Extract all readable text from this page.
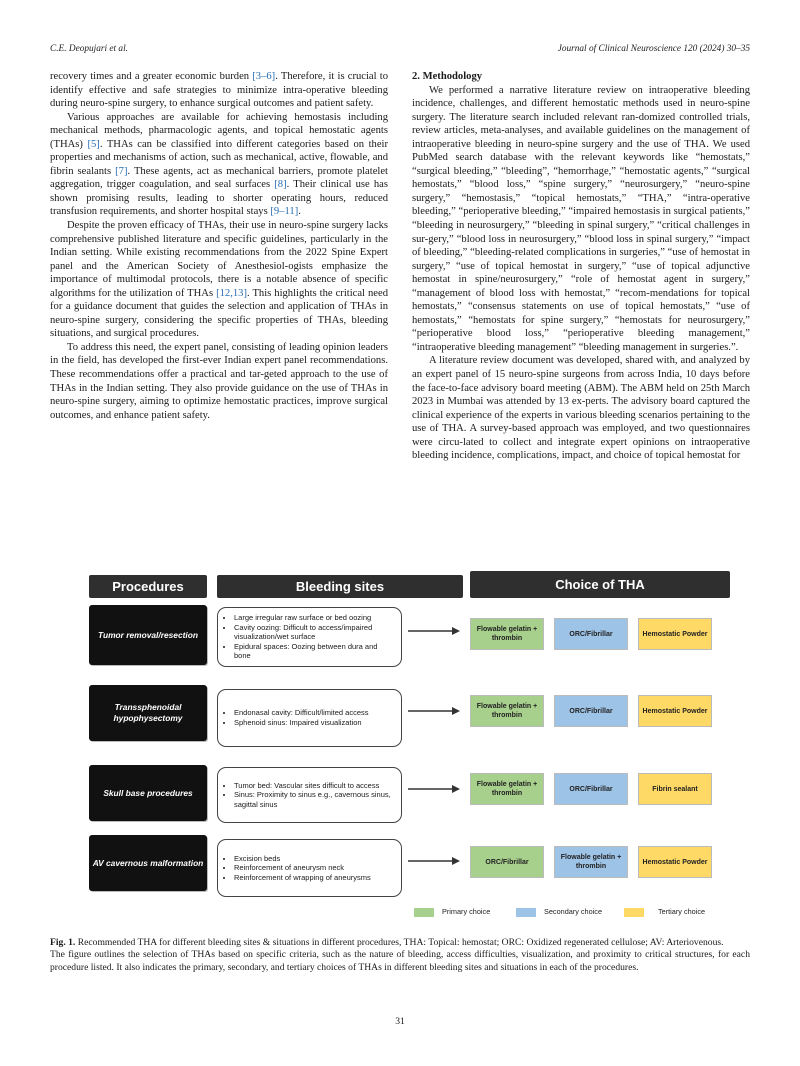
C.E. Deopujari et al.	Journal of Clinical Neuroscience 120 (2024) 30–35

recovery times and a greater economic burden [3–6]. Therefore, it is crucial to identify effective and safe strategies to minimize intra-operative bleeding during neuro-spine surgery, to enhance surgical outcomes and patient safety.

Various approaches are available for achieving hemostasis including mechanical methods, pharmacologic agents, and topical hemostatic agents (THAs) [5]. THAs can be classified into different categories based on their properties and mechanisms of action, such as mechanical, active, flowable, and fibrin sealants [7]. These agents, act as mechanical barriers, promote platelet aggregation, trigger coagulation, and seal surfaces [8]. Their clinical use has shown promising results, leading to shorter operating hours, reduced transfusion requirements, and shorter hospital stays [9–11].

Despite the proven efficacy of THAs, their use in neuro-spine surgery lacks comprehensive published literature and specific guidelines, particularly in the Indian setting. While existing recommendations from the 2022 Spine Expert panel and the American Society of Anesthesiol-ogists emphasize the importance of multimodal protocols, there is a notable absence of specific algorithms for the utilization of THAs [12,13]. This highlights the critical need for a guidance document that guides the selection and application of THAs in neuro-spine surgery, considering the specific properties of THAs, bleeding situations, and surgical procedures.

To address this need, the expert panel, consisting of leading opinion leaders in the field, has developed the first-ever Indian expert panel recommendations. These recommendations offer a practical and tar-geted approach to the use of THAs in the Indian setting. They also provide guidance on the use of THAs in neuro-spine surgery, aiming to optimize hemostatic practices, improve surgical outcomes, and enhance patient safety.

2. Methodology

We performed a narrative literature review on intraoperative bleeding incidence, challenges, and different hemostatic methods used in neuro-spine surgery. The literature search included relevant ran-domized controlled trials, review articles, meta-analyses, and available guidelines on the management of intraoperative bleeding in neuro-spine surgery and the use of THA. We used PubMed search database with the relevant keywords like “hemostats,” “surgical bleeding,” “bleeding”, “hemorrhage,” “hemostatic agents,” “surgical hemostats,” “blood loss,” “spine surgery,” “neurosurgery,” “neuro-spine surgery,” “hemostasis,” “topical hemostats,” “THA,” “intra-operative bleeding,” “perioperative bleeding,” “impaired hemostasis in surgical patients,” “bleeding in neurosurgery,” “bleeding in spinal surgery,” “critical challenges in sur-gery,” “blood loss in neurosurgery,” “blood loss in spinal surgery,” “impact of bleeding,” “bleeding-related complications in surgeries,” “use of hemostat in surgery,” “use of topical hemostat in surgery,” “use of topical adjunctive hemostat in spine/neurosurgery,” “role of hemostat agent in surgery,” “management of blood loss with hemostat,” “recom-mendations for topical hemostats,” “consensus statements on use of topical hemostats,” “use of hemostats,” “hemostats for spine surgery,” “hemostats for neurosurgery,” “perioperative blood loss,” “perioperative bleeding management,” “intraoperative bleeding management” “bleeding management in surgeries.”.

A literature review document was developed, shared with, and analyzed by an expert panel of 15 neuro-spine surgeons from across India, 10 days before the face-to-face advisory board meeting (ABM). The ABM held on 25th March 2023 in Mumbai was attended by 13 ex-perts. The advisory board captured the clinical experience of the experts in various bleeding scenarios pertaining to the use of THA. A survey-based approach was employed, and two questionnaires were circu-lated to collect and integrate expert opinions on intraoperative bleeding incidence, complications, impact, and choice of topical hemostat for

Procedures	Bleeding sites	Choice of THA
Tumor removal/resection
• Large irregular raw surface or bed oozing
• Cavity oozing: Difficult to access/impaired visualization/wet surface
• Epidural spaces: Oozing between dura and bone
Flowable gelatin + thrombin
ORC/Fibrillar	Hemostatic Powder
Transsphenoidal hypophysectomy
• Endonasal cavity: Difficult/limited access
• Sphenoid sinus: Impaired visualization
Flowable gelatin + thrombin
ORC/Fibrillar	Hemostatic Powder
Skull base procedures
• Tumor bed: Vascular sites difficult to access
• Sinus: Proximity to sinus e.g., cavernous sinus, sagittal sinus
Flowable gelatin + thrombin
ORC/Fibrillar	Fibrin sealant
AV cavernous malformation
•	Excision beds
• Reinforcement of aneurysm neck
• Reinforcement of wrapping of aneurysms
ORC/Fibrillar
Flowable gelatin + thrombin
Hemostatic Powder
Primary choice	Secondary choice	Tertiary choice

Fig. 1. Recommended THA for different bleeding sites & situations in different procedures, THA: Topical: hemostat; ORC: Oxidized regenerated cellulose; AV: Arteriovenous.

The figure outlines the selection of THAs based on specific criteria, such as the nature of bleeding, access difficulties, visualization, and proximity to critical structures, for each procedure listed. It also indicates the primary, secondary, and tertiary choices of THAs in different bleeding sites and situations in each of the procedures.

31
